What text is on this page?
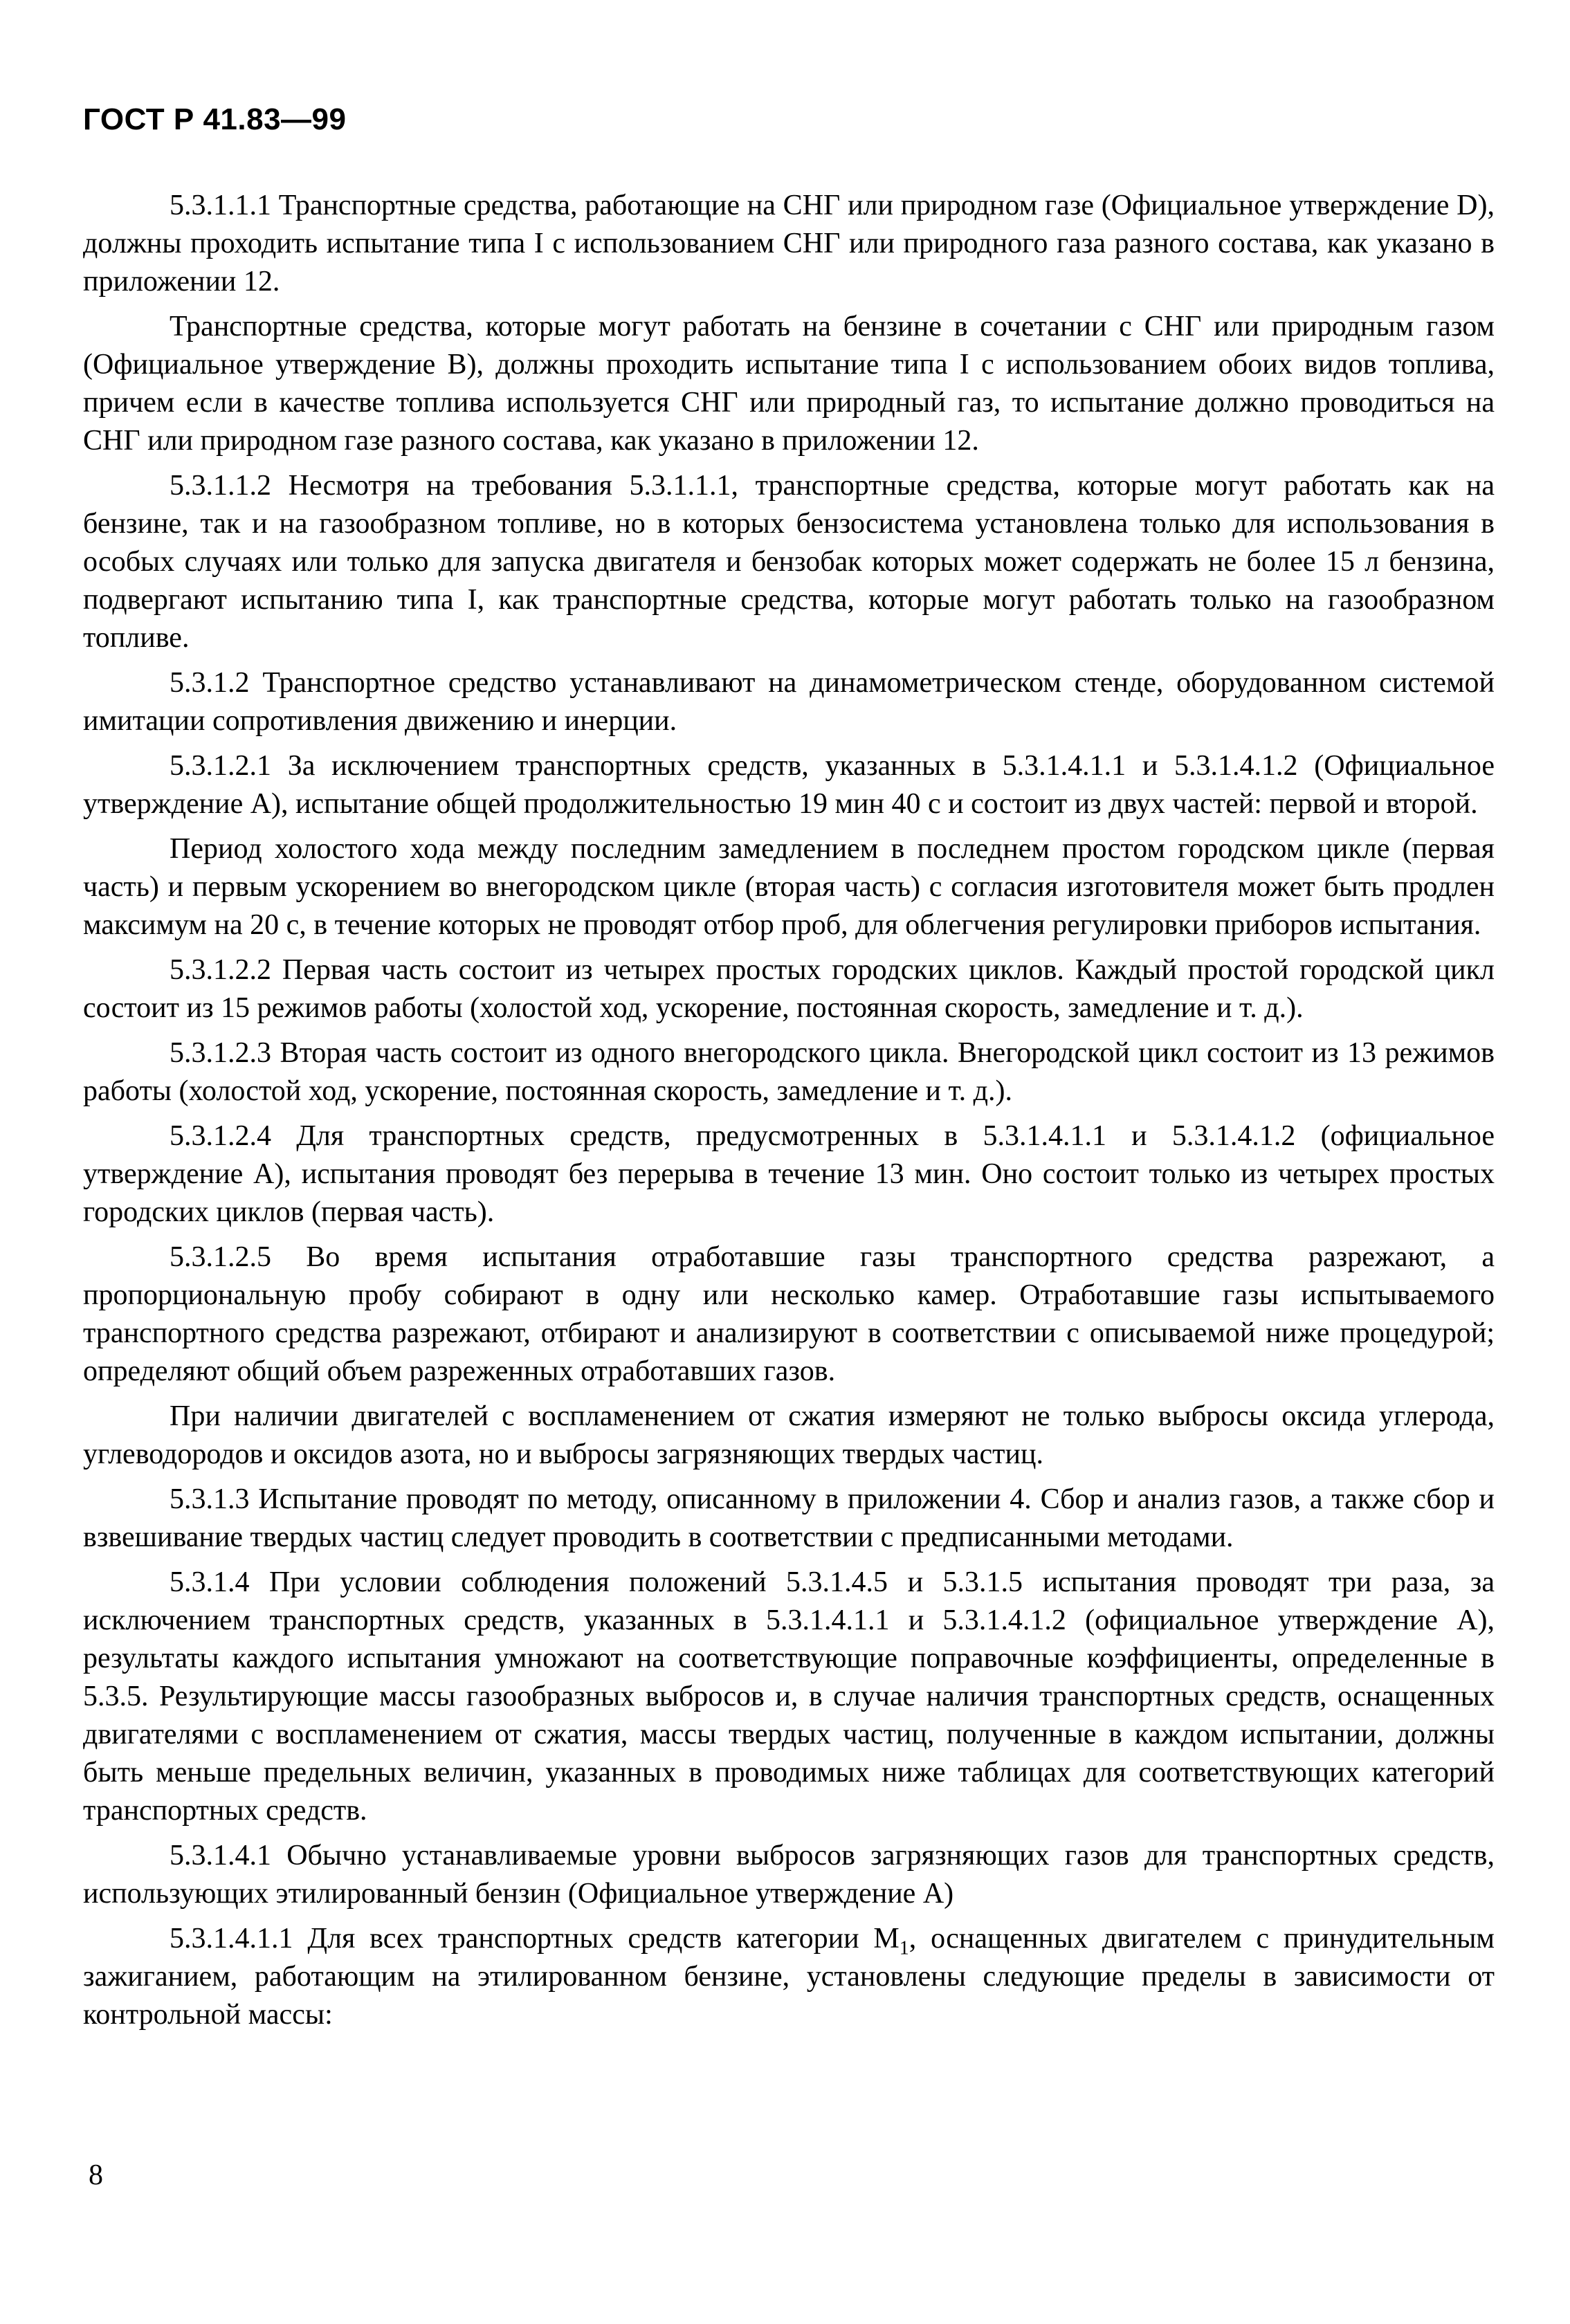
ГОСТ Р 41.83—99

5.3.1.1.1 Транспортные средства, работающие на СНГ или природном газе (Официальное утверждение D), должны проходить испытание типа I с использованием СНГ или природного газа разного состава, как указано в приложении 12.

Транспортные средства, которые могут работать на бензине в сочетании с СНГ или природным газом (Официальное утверждение B), должны проходить испытание типа I с использованием обоих видов топлива, причем если в качестве топлива используется СНГ или природный газ, то испытание должно проводиться на СНГ или природном газе разного состава, как указано в приложении 12.

5.3.1.1.2 Несмотря на требования 5.3.1.1.1, транспортные средства, которые могут работать как на бензине, так и на газообразном топливе, но в которых бензосистема установлена только для использования в особых случаях или только для запуска двигателя и бензобак которых может содержать не более 15 л бензина, подвергают испытанию типа I, как транспортные средства, которые могут работать только на газообразном топливе.

5.3.1.2 Транспортное средство устанавливают на динамометрическом стенде, оборудованном системой имитации сопротивления движению и инерции.

5.3.1.2.1 За исключением транспортных средств, указанных в 5.3.1.4.1.1 и 5.3.1.4.1.2 (Официальное утверждение А), испытание общей продолжительностью 19 мин 40 с и состоит из двух частей: первой и второй.

Период холостого хода между последним замедлением в последнем простом городском цикле (первая часть) и первым ускорением во внегородском цикле (вторая часть) с согласия изготовителя может быть продлен максимум на 20 с, в течение которых не проводят отбор проб, для облегчения регулировки приборов испытания.

5.3.1.2.2 Первая часть состоит из четырех простых городских циклов. Каждый простой городской цикл состоит из 15 режимов работы (холостой ход, ускорение, постоянная скорость, замедление и т. д.).

5.3.1.2.3 Вторая часть состоит из одного внегородского цикла. Внегородской цикл состоит из 13 режимов работы (холостой ход, ускорение, постоянная скорость, замедление и т. д.).

5.3.1.2.4 Для транспортных средств, предусмотренных в 5.3.1.4.1.1 и 5.3.1.4.1.2 (официальное утверждение А), испытания проводят без перерыва в течение 13 мин. Оно состоит только из четырех простых городских циклов (первая часть).

5.3.1.2.5 Во время испытания отработавшие газы транспортного средства разрежают, а пропорциональную пробу собирают в одну или несколько камер. Отработавшие газы испытываемого транспортного средства разрежают, отбирают и анализируют в соответствии с описываемой ниже процедурой; определяют общий объем разреженных отработавших газов.

При наличии двигателей с воспламенением от сжатия измеряют не только выбросы оксида углерода, углеводородов и оксидов азота, но и выбросы загрязняющих твердых частиц.

5.3.1.3 Испытание проводят по методу, описанному в приложении 4. Сбор и анализ газов, а также сбор и взвешивание твердых частиц следует проводить в соответствии с предписанными методами.

5.3.1.4 При условии соблюдения положений 5.3.1.4.5 и 5.3.1.5 испытания проводят три раза, за исключением транспортных средств, указанных в 5.3.1.4.1.1 и 5.3.1.4.1.2 (официальное утверждение А), результаты каждого испытания умножают на соответствующие поправочные коэффициенты, определенные в 5.3.5. Результирующие массы газообразных выбросов и, в случае наличия транспортных средств, оснащенных двигателями с воспламенением от сжатия, массы твердых частиц, полученные в каждом испытании, должны быть меньше предельных величин, указанных в проводимых ниже таблицах для соответствующих категорий транспортных средств.

5.3.1.4.1 Обычно устанавливаемые уровни выбросов загрязняющих газов для транспортных средств, использующих этилированный бензин (Официальное утверждение А)

5.3.1.4.1.1 Для всех транспортных средств категории $M_1$, оснащенных двигателем с принудительным зажиганием, работающим на этилированном бензине, установлены следующие пределы в зависимости от контрольной массы:

8
